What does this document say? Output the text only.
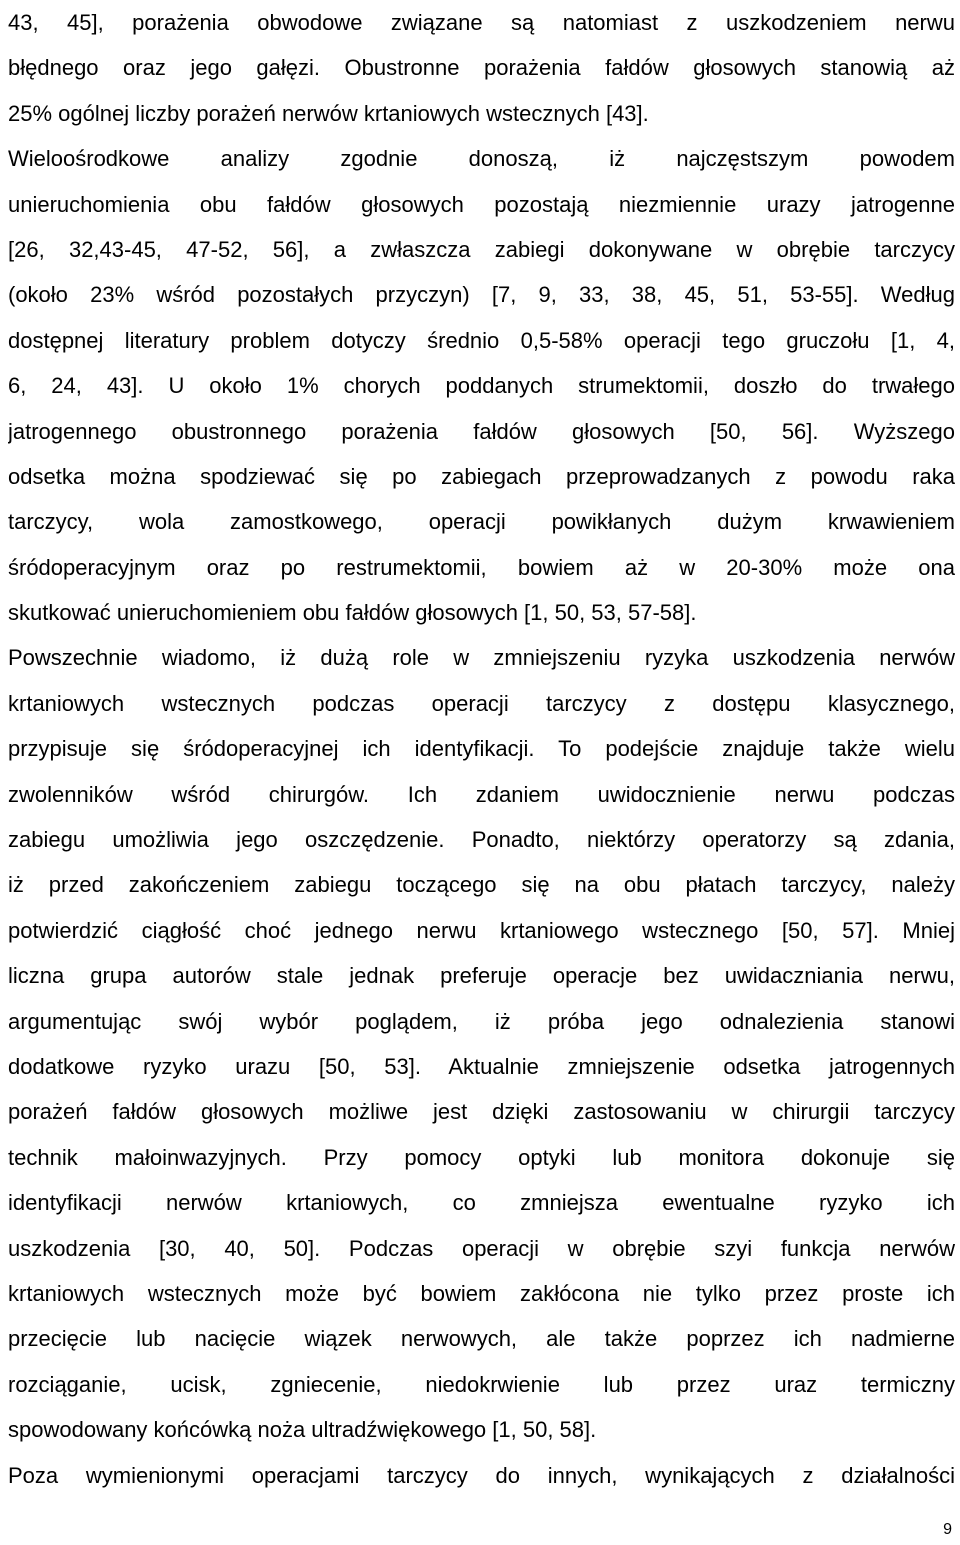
43, 45], porażenia obwodowe związane są natomiast z uszkodzeniem nerwu
błędnego oraz jego gałęzi. Obustronne porażenia fałdów głosowych stanowią aż
25% ogólnej liczby porażeń nerwów krtaniowych wstecznych [43].
Wieloośrodkowe analizy zgodnie donoszą, iż najczęstszym powodem
unieruchomienia obu fałdów głosowych pozostają niezmiennie urazy jatrogenne
[26, 32,43-45, 47-52, 56], a zwłaszcza zabiegi dokonywane w obrębie tarczycy
(około 23% wśród pozostałych przyczyn) [7, 9, 33, 38, 45, 51, 53-55]. Według
dostępnej literatury problem dotyczy średnio 0,5-58% operacji tego gruczołu [1, 4,
6, 24, 43]. U około 1% chorych poddanych strumektomii, doszło do trwałego
jatrogennego obustronnego porażenia fałdów głosowych [50, 56]. Wyższego
odsetka można spodziewać się po zabiegach przeprowadzanych z powodu raka
tarczycy, wola zamostkowego, operacji powikłanych dużym krwawieniem
śródoperacyjnym oraz po restrumektomii, bowiem aż w 20-30% może ona
skutkować unieruchomieniem obu fałdów głosowych [1, 50, 53, 57-58].
Powszechnie wiadomo, iż dużą role w zmniejszeniu ryzyka uszkodzenia nerwów
krtaniowych wstecznych podczas operacji tarczycy z dostępu klasycznego,
przypisuje się śródoperacyjnej ich identyfikacji. To podejście znajduje także wielu
zwolenników wśród chirurgów. Ich zdaniem uwidocznienie nerwu podczas
zabiegu umożliwia jego oszczędzenie. Ponadto, niektórzy operatorzy są zdania,
iż przed zakończeniem zabiegu toczącego się na obu płatach tarczycy, należy
potwierdzić ciągłość choć jednego nerwu krtaniowego wstecznego [50, 57]. Mniej
liczna grupa autorów stale jednak preferuje operacje bez uwidaczniania nerwu,
argumentując swój wybór poglądem, iż próba jego odnalezienia stanowi
dodatkowe ryzyko urazu [50, 53]. Aktualnie zmniejszenie odsetka jatrogennych
porażeń fałdów głosowych możliwe jest dzięki zastosowaniu w chirurgii tarczycy
technik małoinwazyjnych. Przy pomocy optyki lub monitora dokonuje się
identyfikacji nerwów krtaniowych, co zmniejsza ewentualne ryzyko ich
uszkodzenia [30, 40, 50]. Podczas operacji w obrębie szyi funkcja nerwów
krtaniowych wstecznych może być bowiem zakłócona nie tylko przez proste ich
przecięcie lub nacięcie wiązek nerwowych, ale także poprzez ich nadmierne
rozciąganie, ucisk, zgniecenie, niedokrwienie lub przez uraz termiczny
spowodowany końcówką noża ultradźwiękowego [1, 50, 58].
Poza wymienionymi operacjami tarczycy do innych, wynikających z działalności
9
